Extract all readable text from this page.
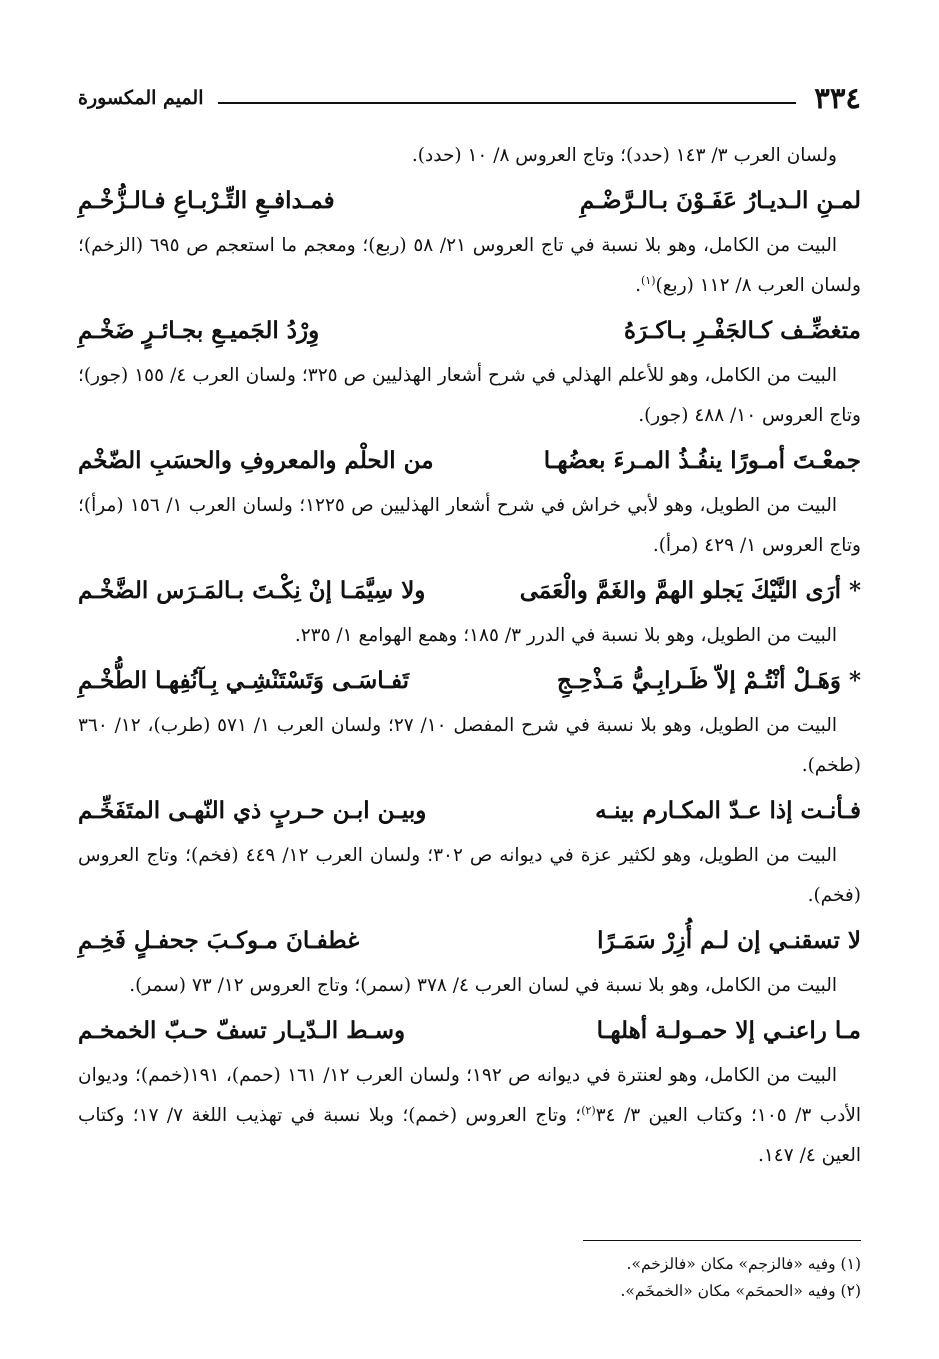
٣٣٤
الميم المكسورة

ولسان العرب ٣/ ١٤٣ (حدد)؛ وتاج العروس ٨/ ١٠ (حدد).

لمـنِ الـديـارُ عَفَـوْنَ بـالـرَّضْـمِ
فمـدافـعِ التِّـرْبـاعِ فـالـزُّخْـمِ

البيت من الكامل، وهو بلا نسبة في تاج العروس ٢١/ ٥٨ (ربع)؛ ومعجم ما استعجم ص ٦٩٥ (الزخم)؛ ولسان العرب ٨/ ١١٢ (ربع)$^{(١)}$.

متغضِّـف كـالجَفْـرِ بـاكـرَهُ
وِرْدُ الجَميـعِ بجـائـرٍ ضَخْـمِ

البيت من الكامل، وهو للأعلم الهذلي في شرح أشعار الهذليين ص ٣٢٥؛ ولسان العرب ٤/ ١٥٥ (جور)؛ وتاج العروس ١٠/ ٤٨٨ (جور).

جمعْـتَ أمـورًا ينفُـذُ المـرءَ بعضُهـا
من الحلْم والمعروفِ والحسَبِ الضّخْم

البيت من الطويل، وهو لأبي خراش في شرح أشعار الهذليين ص ١٢٢٥؛ ولسان العرب ١/ ١٥٦ (مرأ)؛ وتاج العروس ١/ ٤٢٩ (مرأ).

* أرَى النَّيْكَ يَجلو الهمَّ والغَمَّ والْعَمَى
ولا سِيَّمَـا إنْ نِكْـتَ بـالمَـرَس الضَّخْـم

البيت من الطويل، وهو بلا نسبة في الدرر ٣/ ١٨٥؛ وهمع الهوامع ١/ ٢٣٥.

* وَهَـلْ أنْتُـمْ إلاّ ظَـرابِـيُّ مَـذْحِـجِ
تَفـاسَـى وَتَسْتَنْشِـي بِـآنُفِهـا الطُّخْـمِ

البيت من الطويل، وهو بلا نسبة في شرح المفصل ١٠/ ٢٧؛ ولسان العرب ١/ ٥٧١ (طرب)، ١٢/ ٣٦٠ (طخم).

فـأنـت إذا عـدّ المكـارم بينـه
وبيـن ابـن حـربٍ ذي النّهـى المتَفَخِّـم

البيت من الطويل، وهو لكثير عزة في ديوانه ص ٣٠٢؛ ولسان العرب ١٢/ ٤٤٩ (فخم)؛ وتاج العروس (فخم).

لا تسقنـي إن لـم أُزِرْ سَمَـرًا
غطفـانَ مـوكـبَ جحفـلٍ فَخِـمِ

البيت من الكامل، وهو بلا نسبة في لسان العرب ٤/ ٣٧٨ (سمر)؛ وتاج العروس ١٢/ ٧٣ (سمر).

مـا راعنـي إلا حمـولـة أهلهـا
وسـط الـدّيـار تسفّ حـبّ الخمخـم

البيت من الكامل، وهو لعنترة في ديوانه ص ١٩٢؛ ولسان العرب ١٢/ ١٦١ (حمم)، ١٩١(خمم)؛ وديوان الأدب ٣/ ١٠٥؛ وكتاب العين ٣/ ٣٤$^{(٢)}$؛ وتاج العروس (خمم)؛ وبلا نسبة في تهذيب اللغة ٧/ ١٧؛ وكتاب العين ٤/ ١٤٧.

(١) وفيه «فالزجم» مكان «فالزخم».

(٢) وفيه «الحمحَم» مكان «الخمخَم».
